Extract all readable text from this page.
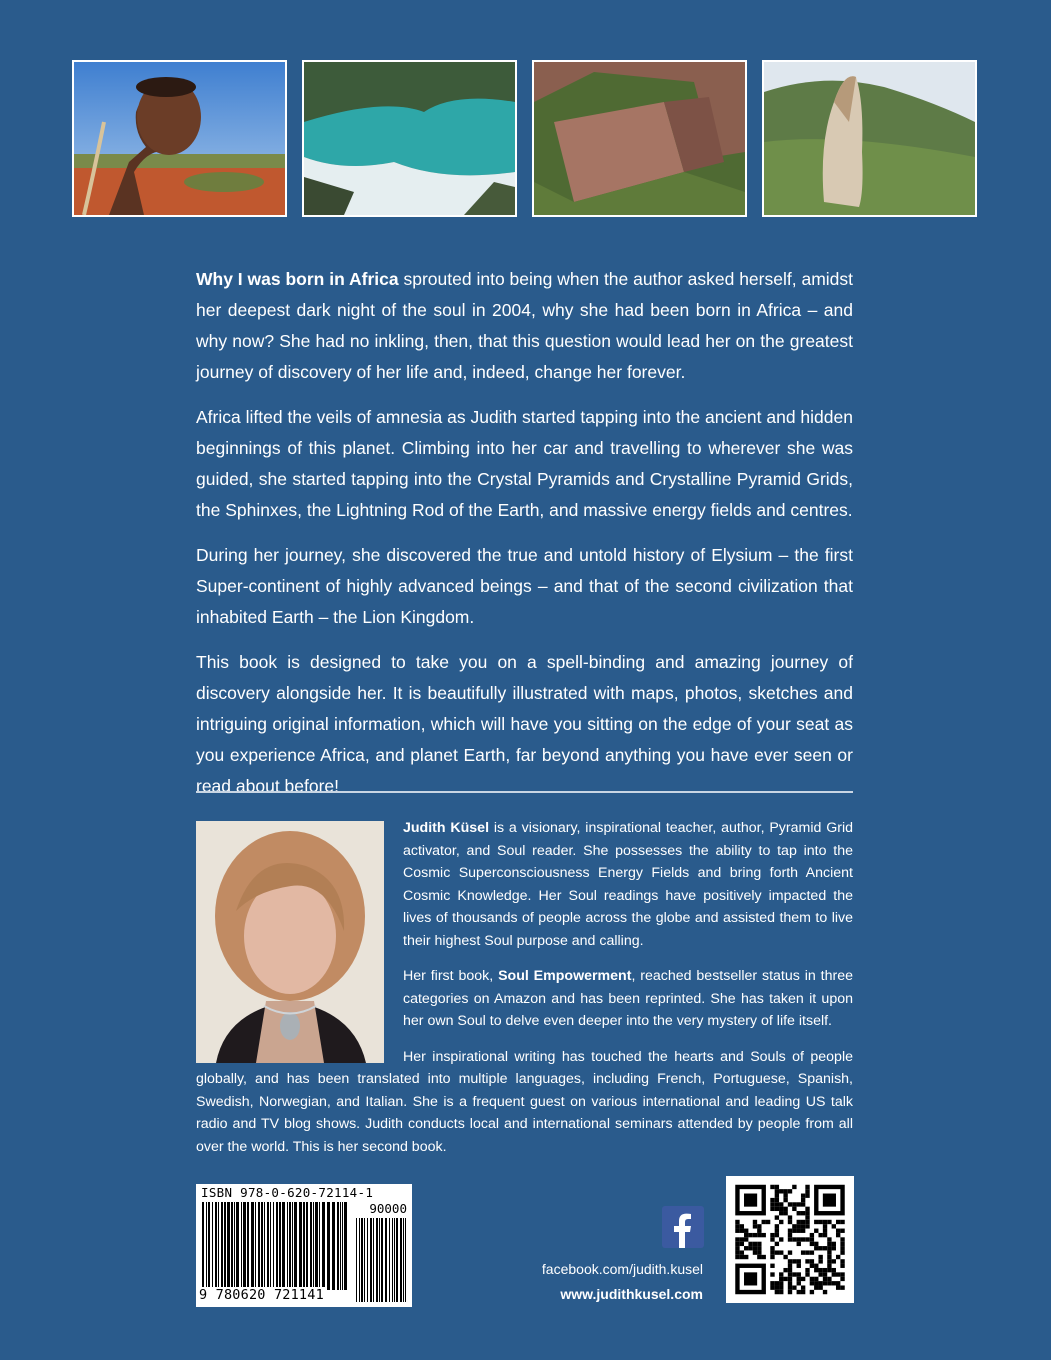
Why I was born in Africa sprouted into being when the author asked herself, amidst her deepest dark night of the soul in 2004, why she had been born in Africa – and why now? She had no inkling, then, that this question would lead her on the greatest journey of discovery of her life and, indeed, change her forever.

Africa lifted the veils of amnesia as Judith started tapping into the ancient and hidden beginnings of this planet. Climbing into her car and travelling to wherever she was guided, she started tapping into the Crystal Pyramids and Crystalline Pyramid Grids, the Sphinxes, the Lightning Rod of the Earth, and massive energy fields and centres.

During her journey, she discovered the true and untold history of Elysium – the first Super-continent of highly advanced beings – and that of the second civilization that inhabited Earth – the Lion Kingdom.

This book is designed to take you on a spell-binding and amazing journey of discovery alongside her. It is beautifully illustrated with maps, photos, sketches and intriguing original information, which will have you sitting on the edge of your seat as you experience Africa, and planet Earth, far beyond anything you have ever seen or read about before!

Judith Küsel is a visionary, inspirational teacher, author, Pyramid Grid activator, and Soul reader. She possesses the ability to tap into the Cosmic Superconsciousness Energy Fields and bring forth Ancient Cosmic Knowledge. Her Soul readings have positively impacted the lives of thousands of people across the globe and assisted them to live their highest Soul purpose and calling.

Her first book, Soul Empowerment, reached bestseller status in three categories on Amazon and has been reprinted. She has taken it upon her own Soul to delve even deeper into the very mystery of life itself.

Her inspirational writing has touched the hearts and Souls of people globally, and has been translated into multiple languages, including French, Portuguese, Spanish, Swedish, Norwegian, and Italian. She is a frequent guest on various international and leading US talk radio and TV blog shows. Judith conducts local and international seminars attended by people from all over the world. This is her second book.

ISBN 978-0-620-72114-1
90000
9 780620 721141
facebook.com/judith.kusel
www.judithkusel.com
